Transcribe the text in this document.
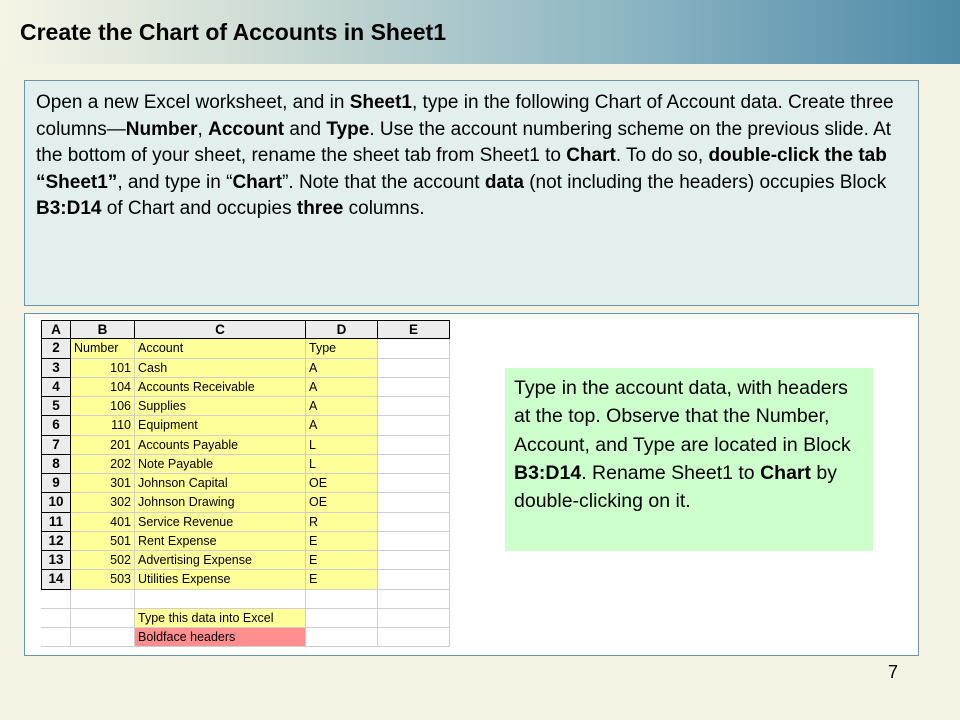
Create the Chart of Accounts in Sheet1
Open a new Excel worksheet, and in Sheet1, type in the following Chart of Account data. Create three columns—Number, Account and Type. Use the account numbering scheme on the previous slide. At the bottom of your sheet, rename the sheet tab from Sheet1 to Chart. To do so, double-click the tab “Sheet1”, and type in “Chart”. Note that the account data (not including the headers) occupies Block B3:D14 of Chart and occupies three columns.
A	B	C	D	E
2	Number	Account	Type
3	101 Cash	A
4	104 Accounts Receivable	A
5	106 Supplies	A
6	110 Equipment	A
7	201 Accounts Payable	L
8	202 Note Payable	L
9	301 Johnson Capital	OE
10	302 Johnson Drawing	OE
11	401 Service Revenue	R
12	501 Rent Expense	E
13	502 Advertising Expense	E
14	503 Utilities Expense	E
Type this data into Excel
Boldface headers
Type in the account data, with headers at the top. Observe that the Number, Account, and Type are located in Block B3:D14. Rename Sheet1 to Chart by double-clicking on it.
7
